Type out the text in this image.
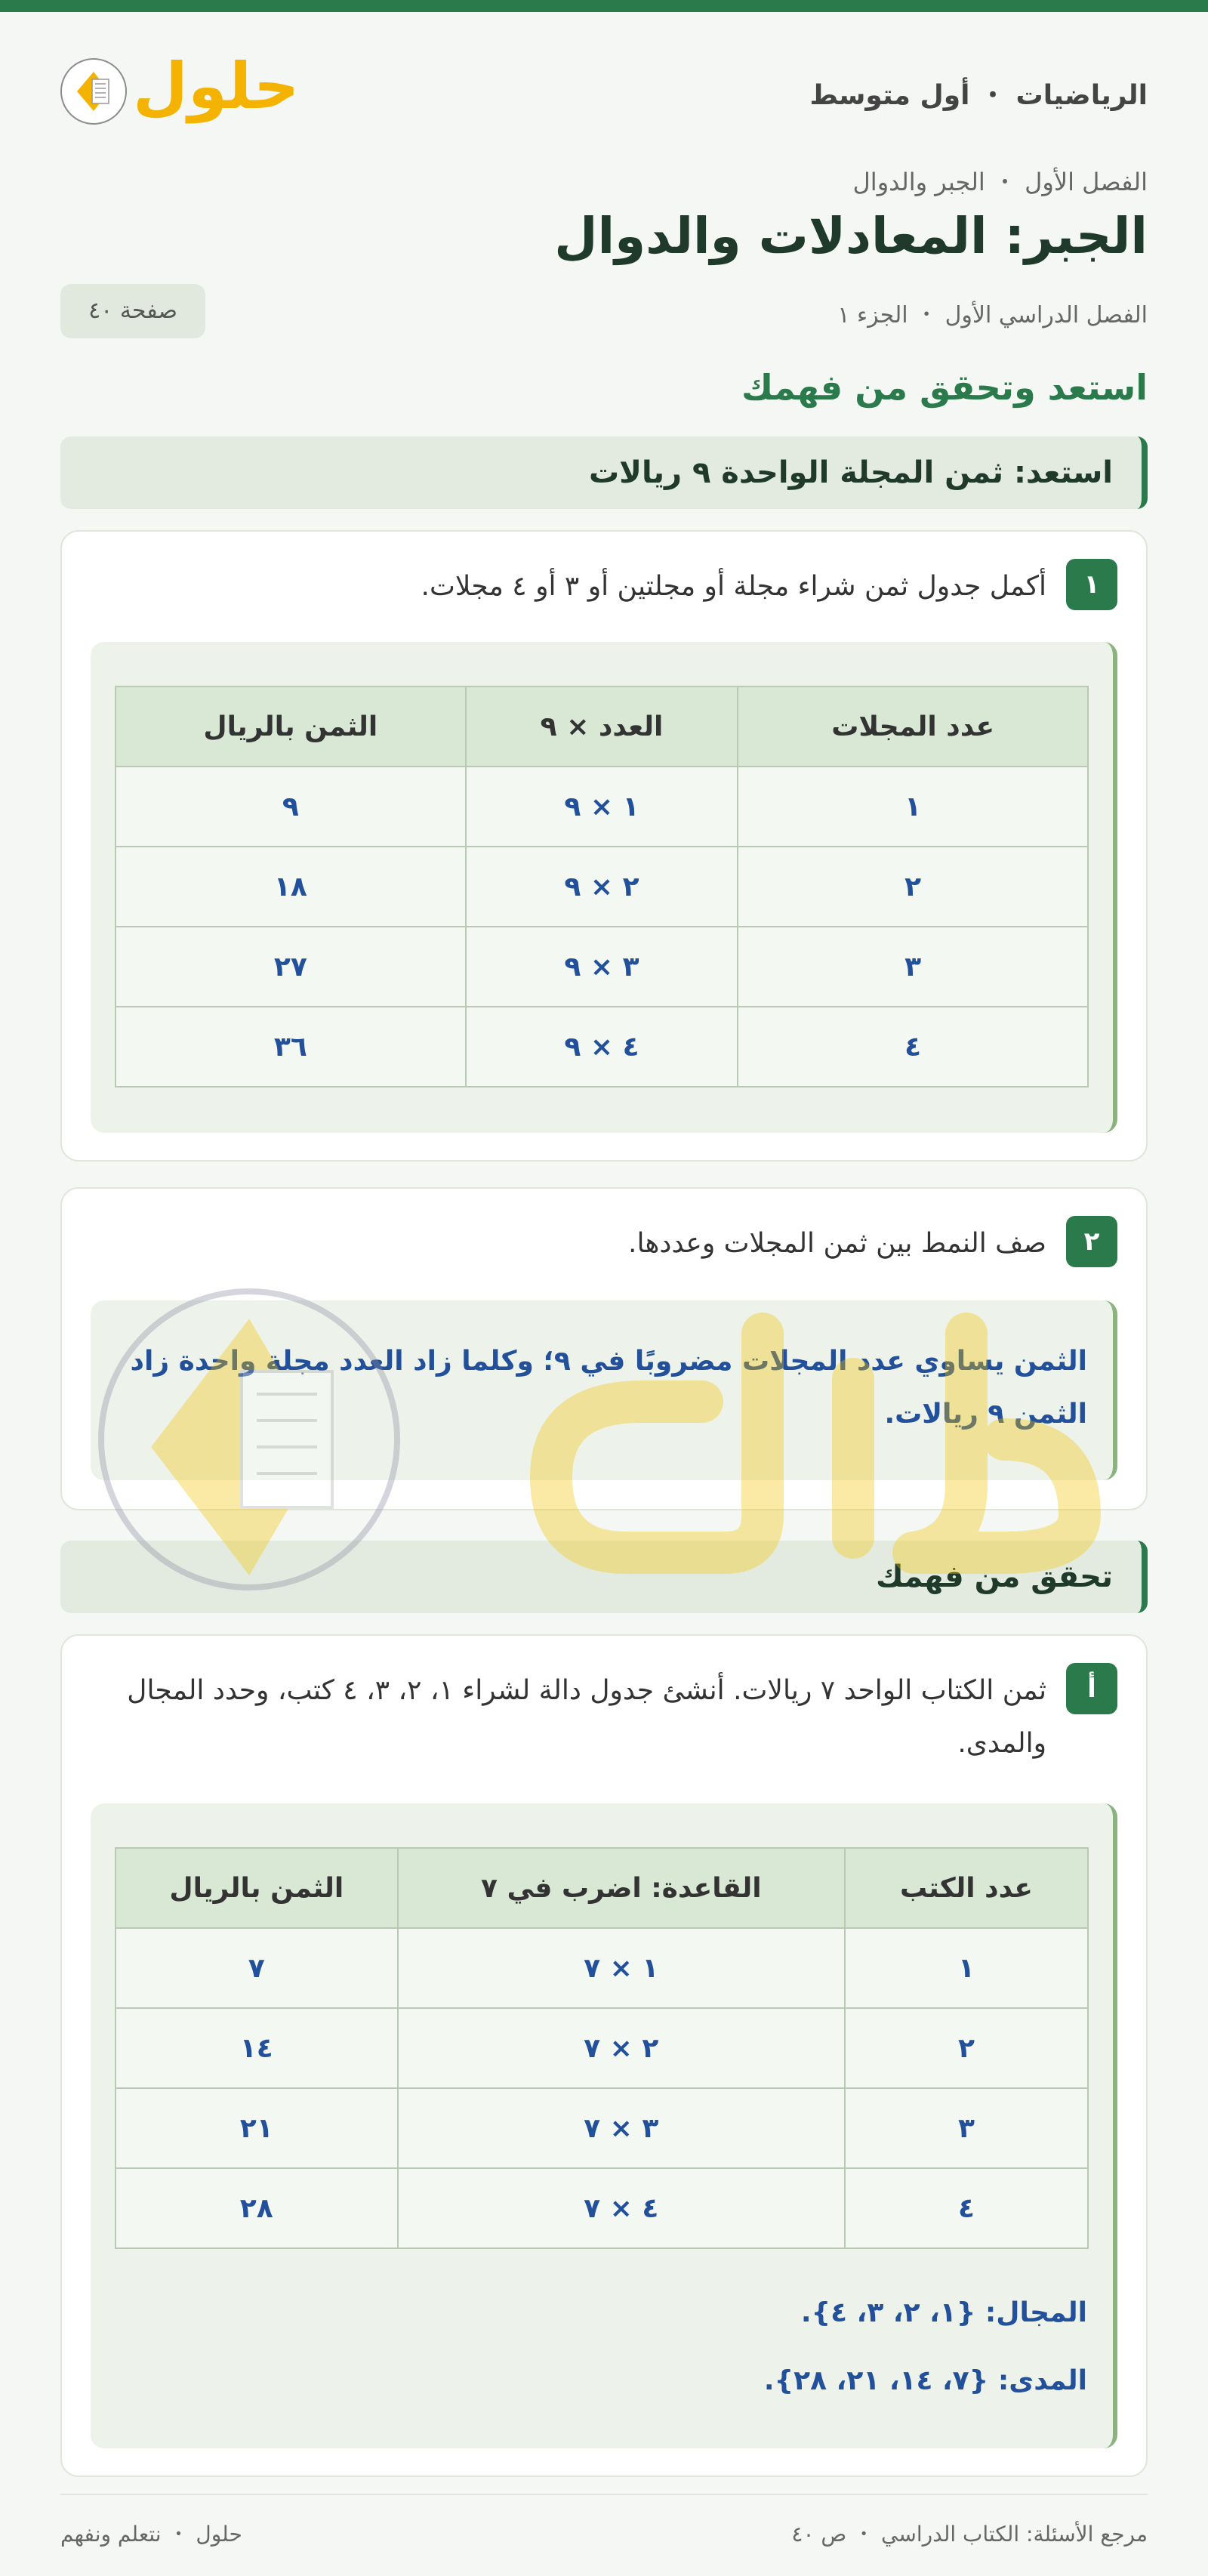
الرياضيات ・ أول متوسط
حلول
الفصل الأول ・ الجبر والدوال
الجبر: المعادلات والدوال
الفصل الدراسي الأول ・ الجزء ١
صفحة ٤٠
استعد وتحقق من فهمك
استعد: ثمن المجلة الواحدة ٩ ريالات
١
أكمل جدول ثمن شراء مجلة أو مجلتين أو ٣ أو ٤ مجلات.
عدد المجلات	العدد × ٩	الثمن بالريال
١	١ × ٩	٩
٢	٢ × ٩	١٨
٣	٣ × ٩	٢٧
٤	٤ × ٩	٣٦
٢
صف النمط بين ثمن المجلات وعددها.
الثمن يساوي عدد المجلات مضروبًا في ٩؛ وكلما زاد العدد مجلة واحدة زاد الثمن ٩ ريالات.
تحقق من فهمك
أ
ثمن الكتاب الواحد ٧ ريالات. أنشئ جدول دالة لشراء ١، ٢، ٣، ٤ كتب، وحدد المجال والمدى.
عدد الكتب	القاعدة: اضرب في ٧	الثمن بالريال
١	١ × ٧	٧
٢	٢ × ٧	١٤
٣	٣ × ٧	٢١
٤	٤ × ٧	٢٨
المجال: {١، ٢، ٣، ٤}.
المدى: {٧، ١٤، ٢١، ٢٨}.
مرجع الأسئلة: الكتاب الدراسي ・ ص ٤٠
حلول ・ نتعلم ونفهم
